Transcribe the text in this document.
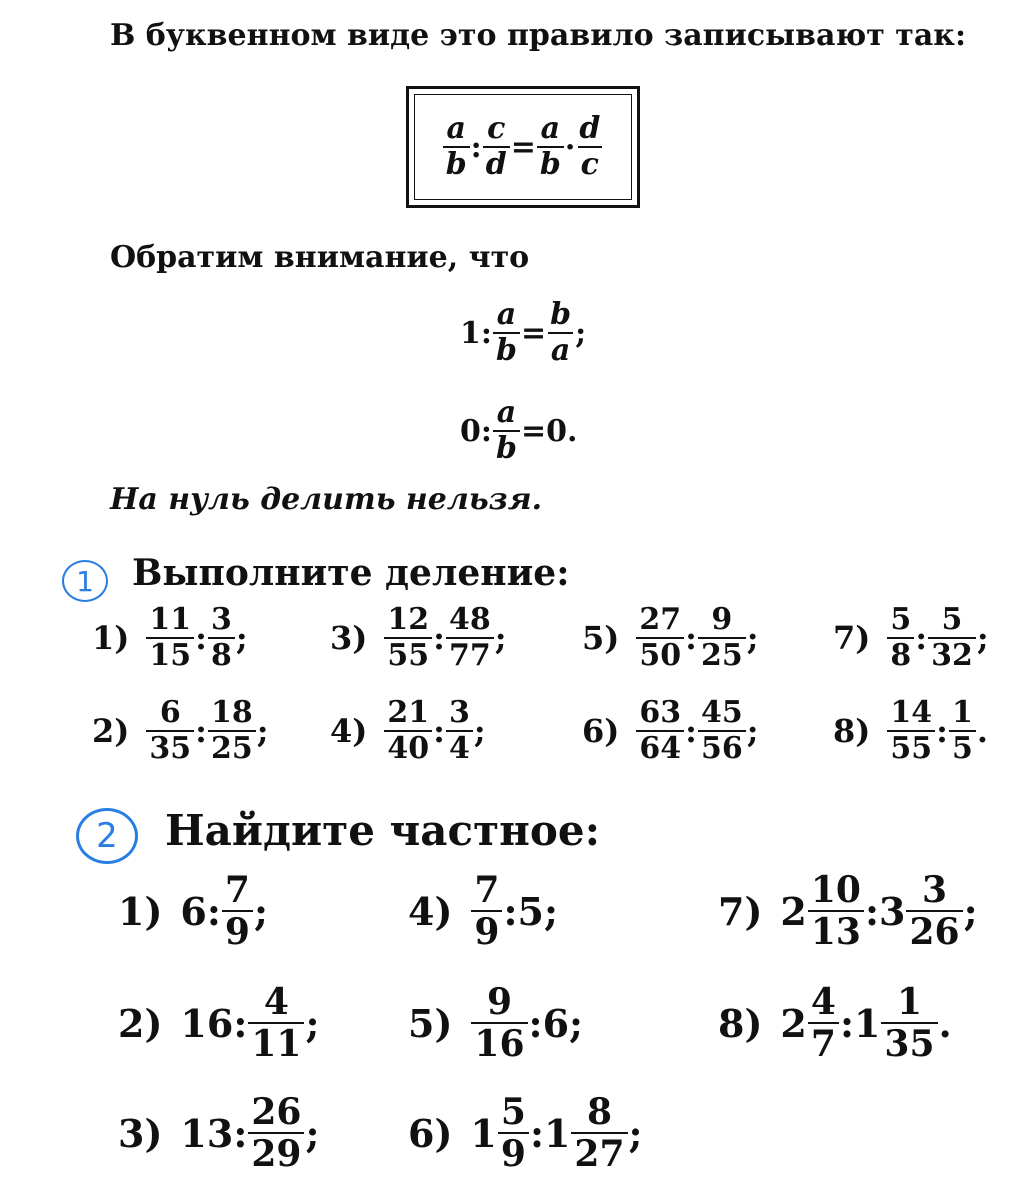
В буквенном виде это правило записывают так:
$\frac{a}{b}$ : $\frac{c}{d} = \frac{a}{b} \cdot \frac{d}{c}$
Обратим внимание, что
1: $\frac{a}{b} = \frac{b}{a}$ ;
0: $\frac{a}{b} =0$.
На нуль делить нельзя.
1	Выполните деление:
$1) \frac{11}{15}$ : $\frac{3}{8}$ ;	$3) \frac{12}{55}$ : $\frac{48}{77}$ ; $5) \frac{27}{50}$ : $\frac{9}{25}$ ; $7) \frac{5}{8}$ : $\frac{5}{32}$ ;
$2) \frac{6}{35}$ : $\frac{18}{25}$ ; $4) \frac{21}{40}$ : $\frac{3}{4}$ ;	$6) \frac{63}{64}$ : $\frac{45}{56}$ ; $8) \frac{14}{55}$ : $\frac{1}{5}$ .
2	Найдите частное:
1) 6 : $\frac{7}{9}$ ;	$4) \frac{7}{9}$ : 5 ;	7) $2 \frac{10}{13}$ : $3 \frac{3}{26}$ ;
2) 16 : $\frac{4}{11}$ ; $5) \frac{9}{16}$ : 6 ;	8) $2 \frac{4}{7}$ : $1 \frac{1}{35}$ .
3) 13 : $\frac{26}{29}$ ; 6) $1 \frac{5}{9}$ : $1 \frac{8}{27}$ ;
